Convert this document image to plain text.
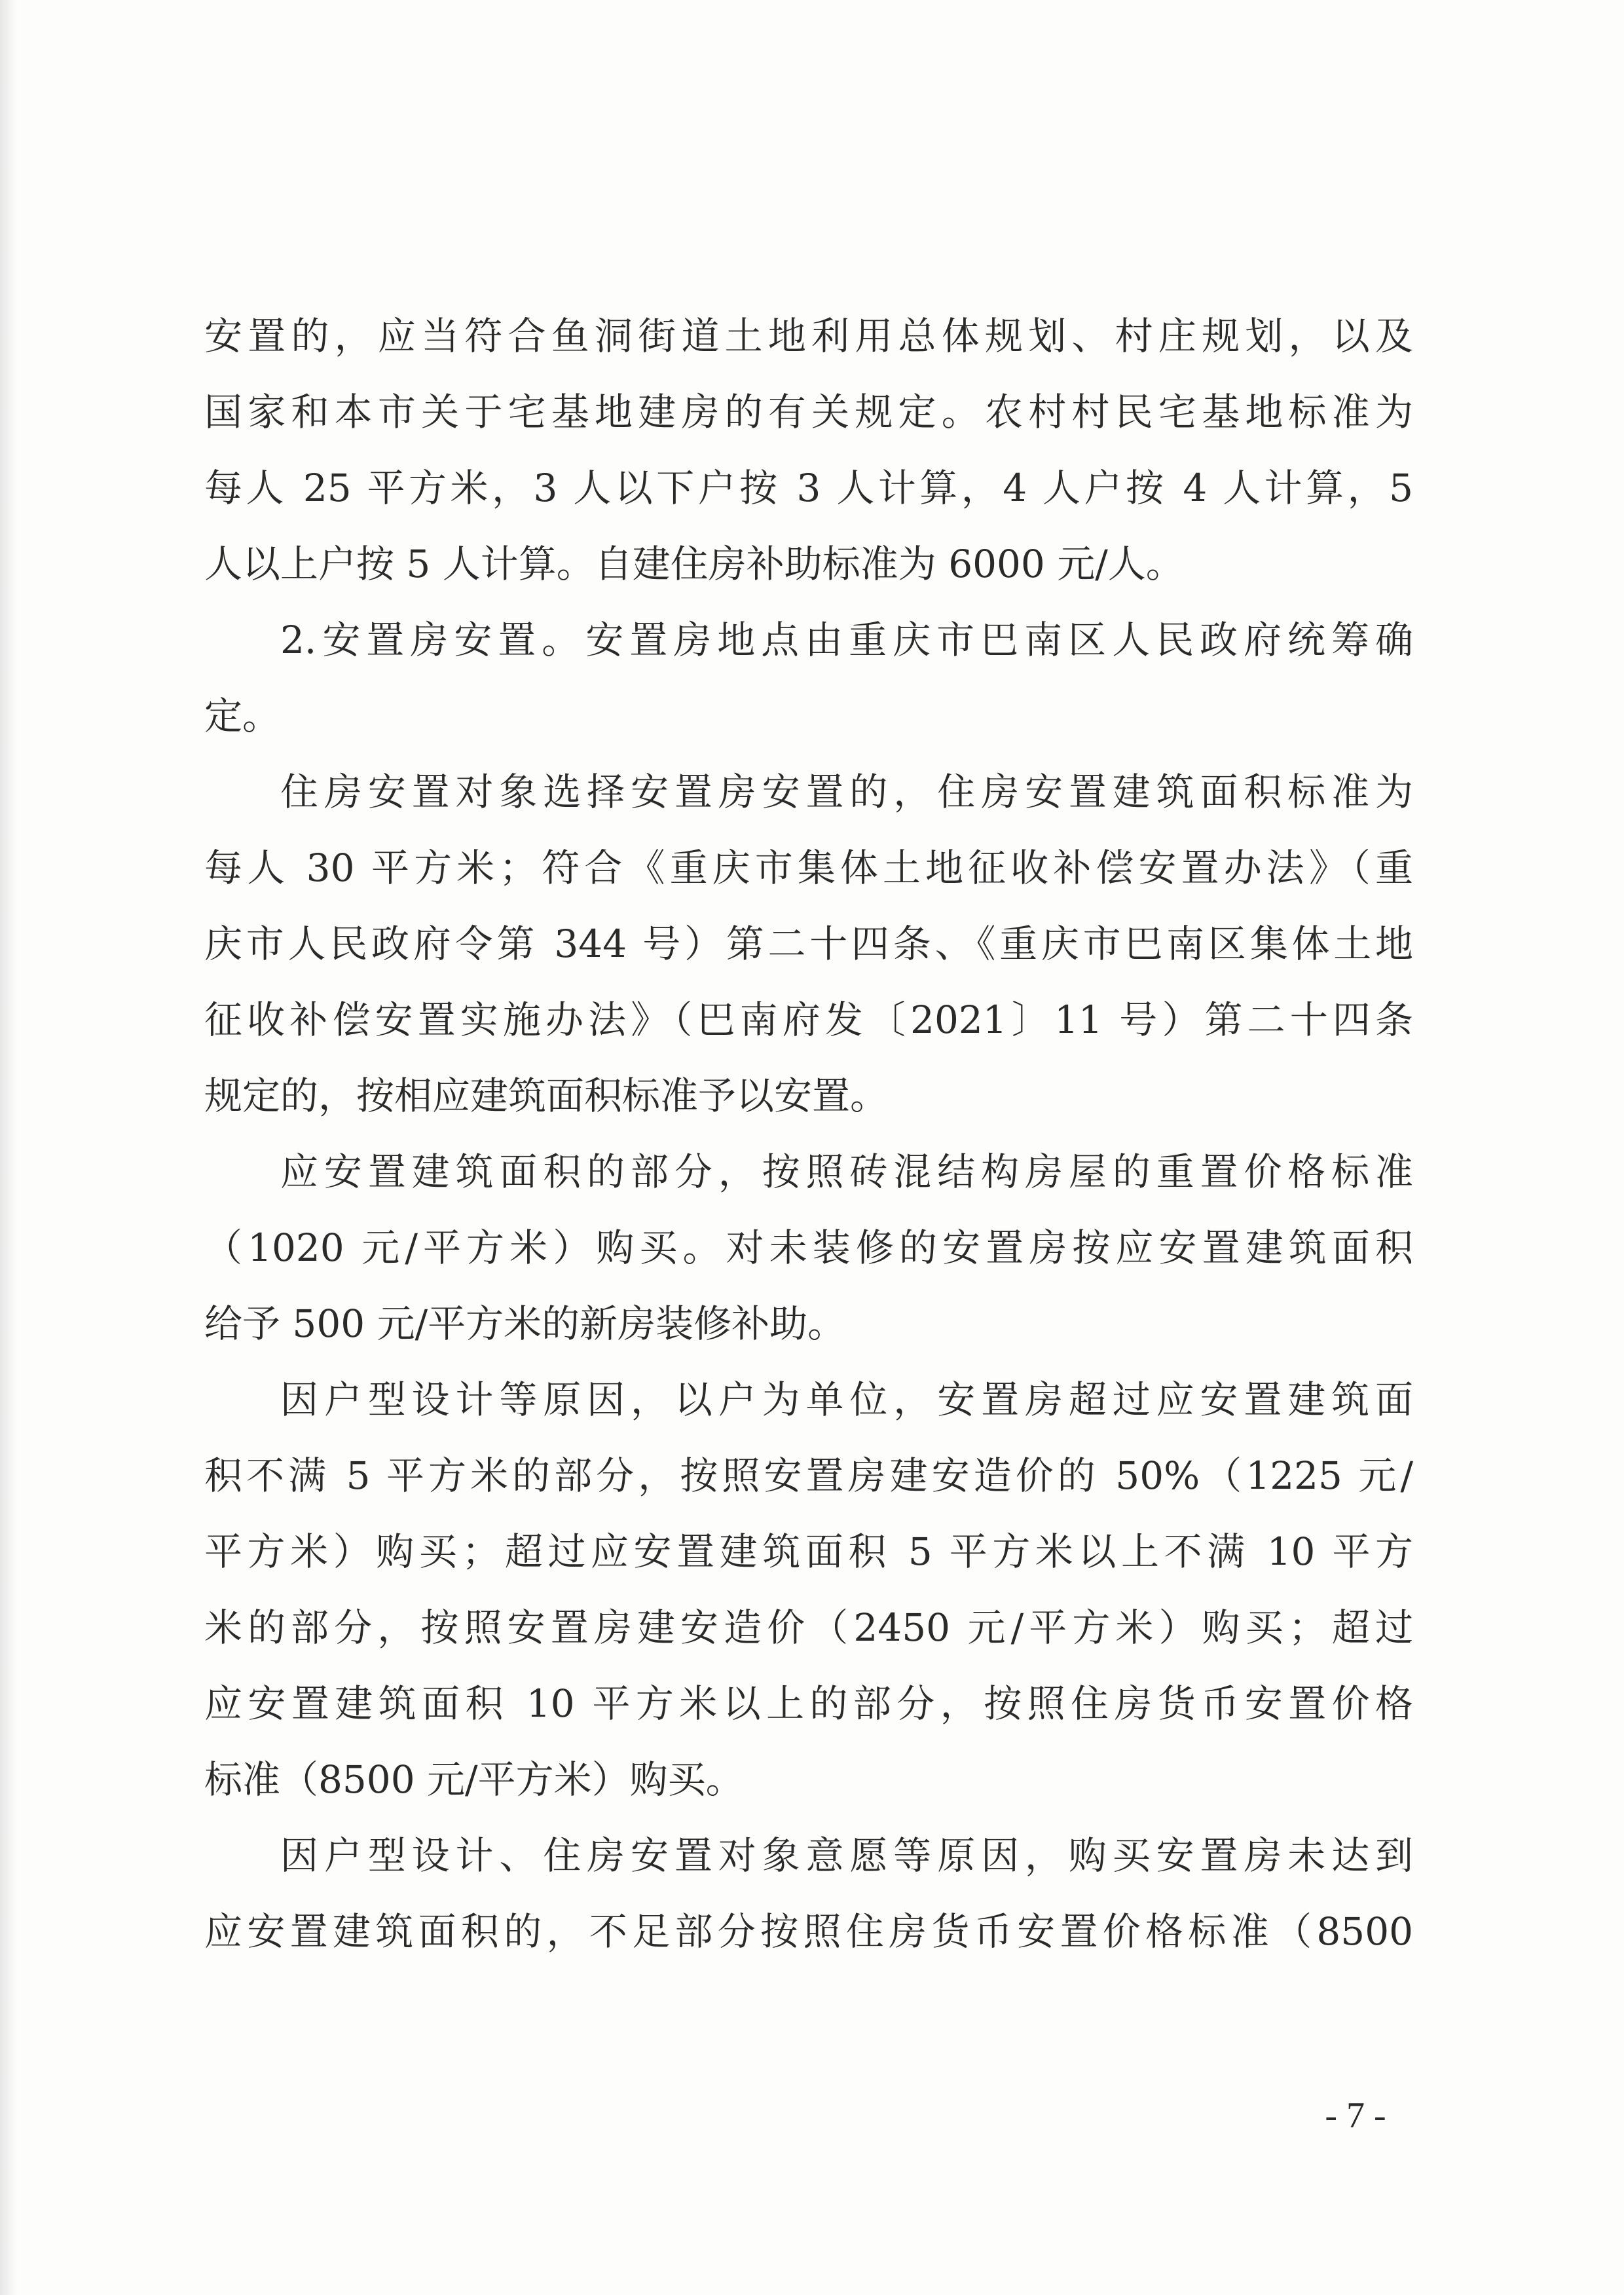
安置的，应当符合鱼洞街道土地利用总体规划、村庄规划，以及
国家和本市关于宅基地建房的有关规定。农村村民宅基地标准为
每人 25 平方米，3 人以下户按 3 人计算，4 人户按 4 人计算，5
人以上户按 5 人计算。自建住房补助标准为 6000 元/人。
2.安置房安置。安置房地点由重庆市巴南区人民政府统筹确
定。
住房安置对象选择安置房安置的，住房安置建筑面积标准为
每人 30 平方米；符合《重庆市集体土地征收补偿安置办法》（重
庆市人民政府令第 344 号）第二十四条、《重庆市巴南区集体土地
征收补偿安置实施办法》（巴南府发〔2021〕11 号）第二十四条
规定的，按相应建筑面积标准予以安置。
应安置建筑面积的部分，按照砖混结构房屋的重置价格标准
（1020 元/平方米）购买。对未装修的安置房按应安置建筑面积
给予 500 元/平方米的新房装修补助。
因户型设计等原因，以户为单位，安置房超过应安置建筑面
积不满 5 平方米的部分，按照安置房建安造价的 50%（1225 元/
平方米）购买；超过应安置建筑面积 5 平方米以上不满 10 平方
米的部分，按照安置房建安造价（2450 元/平方米）购买；超过
应安置建筑面积 10 平方米以上的部分，按照住房货币安置价格
标准（8500 元/平方米）购买。
因户型设计、住房安置对象意愿等原因，购买安置房未达到
应安置建筑面积的，不足部分按照住房货币安置价格标准（8500
- 7 -
